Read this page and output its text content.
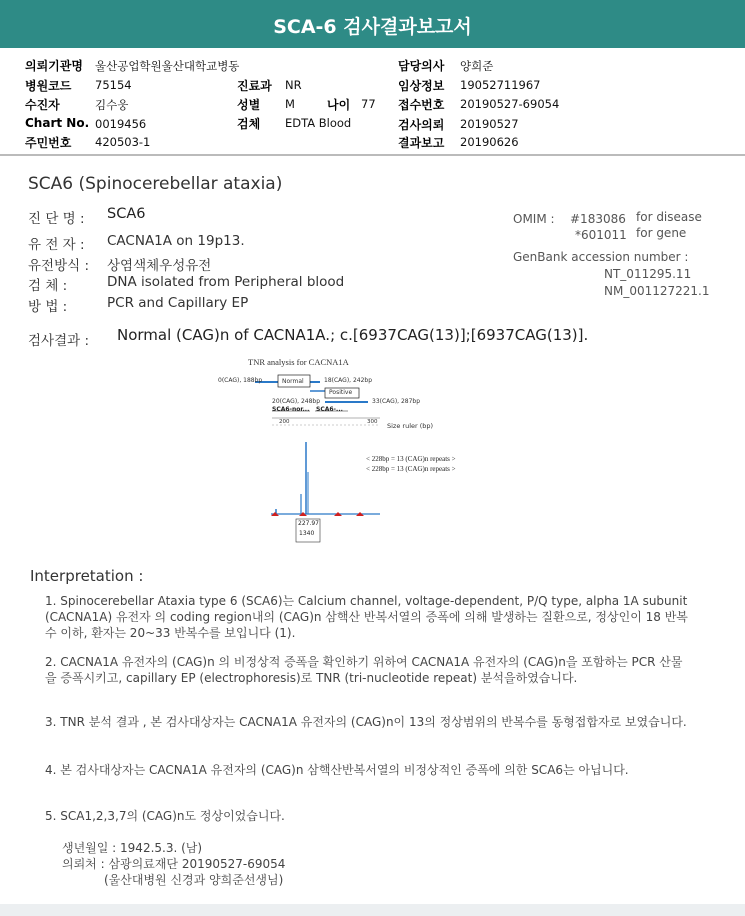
SCA-6 검사결과보고서
의뢰기관명 울산공업학원울산대학교병동	담당의사 양희준
병원코드 75154	진료과 NR	임상정보 19052711967
수진자	김수웅	성별 M	나이 77 접수번호 20190527-69054
Chart No. 0019456	검체 EDTA Blood	검사의뢰 20190527
주민번호 420503-1	결과보고 20190626
SCA6 (Spinocerebellar ataxia)
진 단 명 : SCA6
유 전 자 : CACNA1A on 19p13.
유전방식 : 상염색체우성유전
검 체 :	DNA isolated from Peripheral blood
방 법 :	PCR and Capillary EP
OMIM : #183086 for disease
*601011 for gene
GenBank accession number :
NT_011295.11
NM_001127221.1
검사결과 : Normal (CAG)n of CACNA1A.; c.[6937CAG(13)];[6937CAG(13)].
TNR analysis for CACNA1A
0(CAG), 188bp	Normal	18(CAG), 242bp
Positive
20(CAG), 248bp	33(CAG), 287bp
SCA6-nor... SCA6-...
200	300 Size ruler (bp)
< 228bp = 13 (CAG)n repeats >
< 228bp = 13 (CAG)n repeats >
227.97
1340
Interpretation :
1. Spinocerebellar Ataxia type 6 (SCA6)는 Calcium channel, voltage-dependent, P/Q type, alpha 1A subunit (CACNA1A) 유전자 의 coding region내의 (CAG)n 삼핵산 반복서열의 증폭에 의해 발생하는 질환으로, 정상인이 18 반복수 이하, 환자는 20~33 반복수를 보입니다 (1).
2. CACNA1A 유전자의 (CAG)n 의 비정상적 증폭을 확인하기 위하여 CACNA1A 유전자의 (CAG)n을 포함하는 PCR 산물을 증폭시키고, capillary EP (electrophoresis)로 TNR (tri-nucleotide repeat) 분석을하였습니다.
3. TNR 분석 결과 , 본 검사대상자는 CACNA1A 유전자의 (CAG)n이 13의 정상범위의 반복수를 동형접합자로 보였습니다.
4. 본 검사대상자는 CACNA1A 유전자의 (CAG)n 삼핵산반복서열의 비정상적인 증폭에 의한 SCA6는 아닙니다.
5. SCA1,2,3,7의 (CAG)n도 정상이었습니다.
생년월일 : 1942.5.3. (남)
의뢰처 : 삼광의료재단 20190527-69054
(울산대병원 신경과 양희준선생님)
